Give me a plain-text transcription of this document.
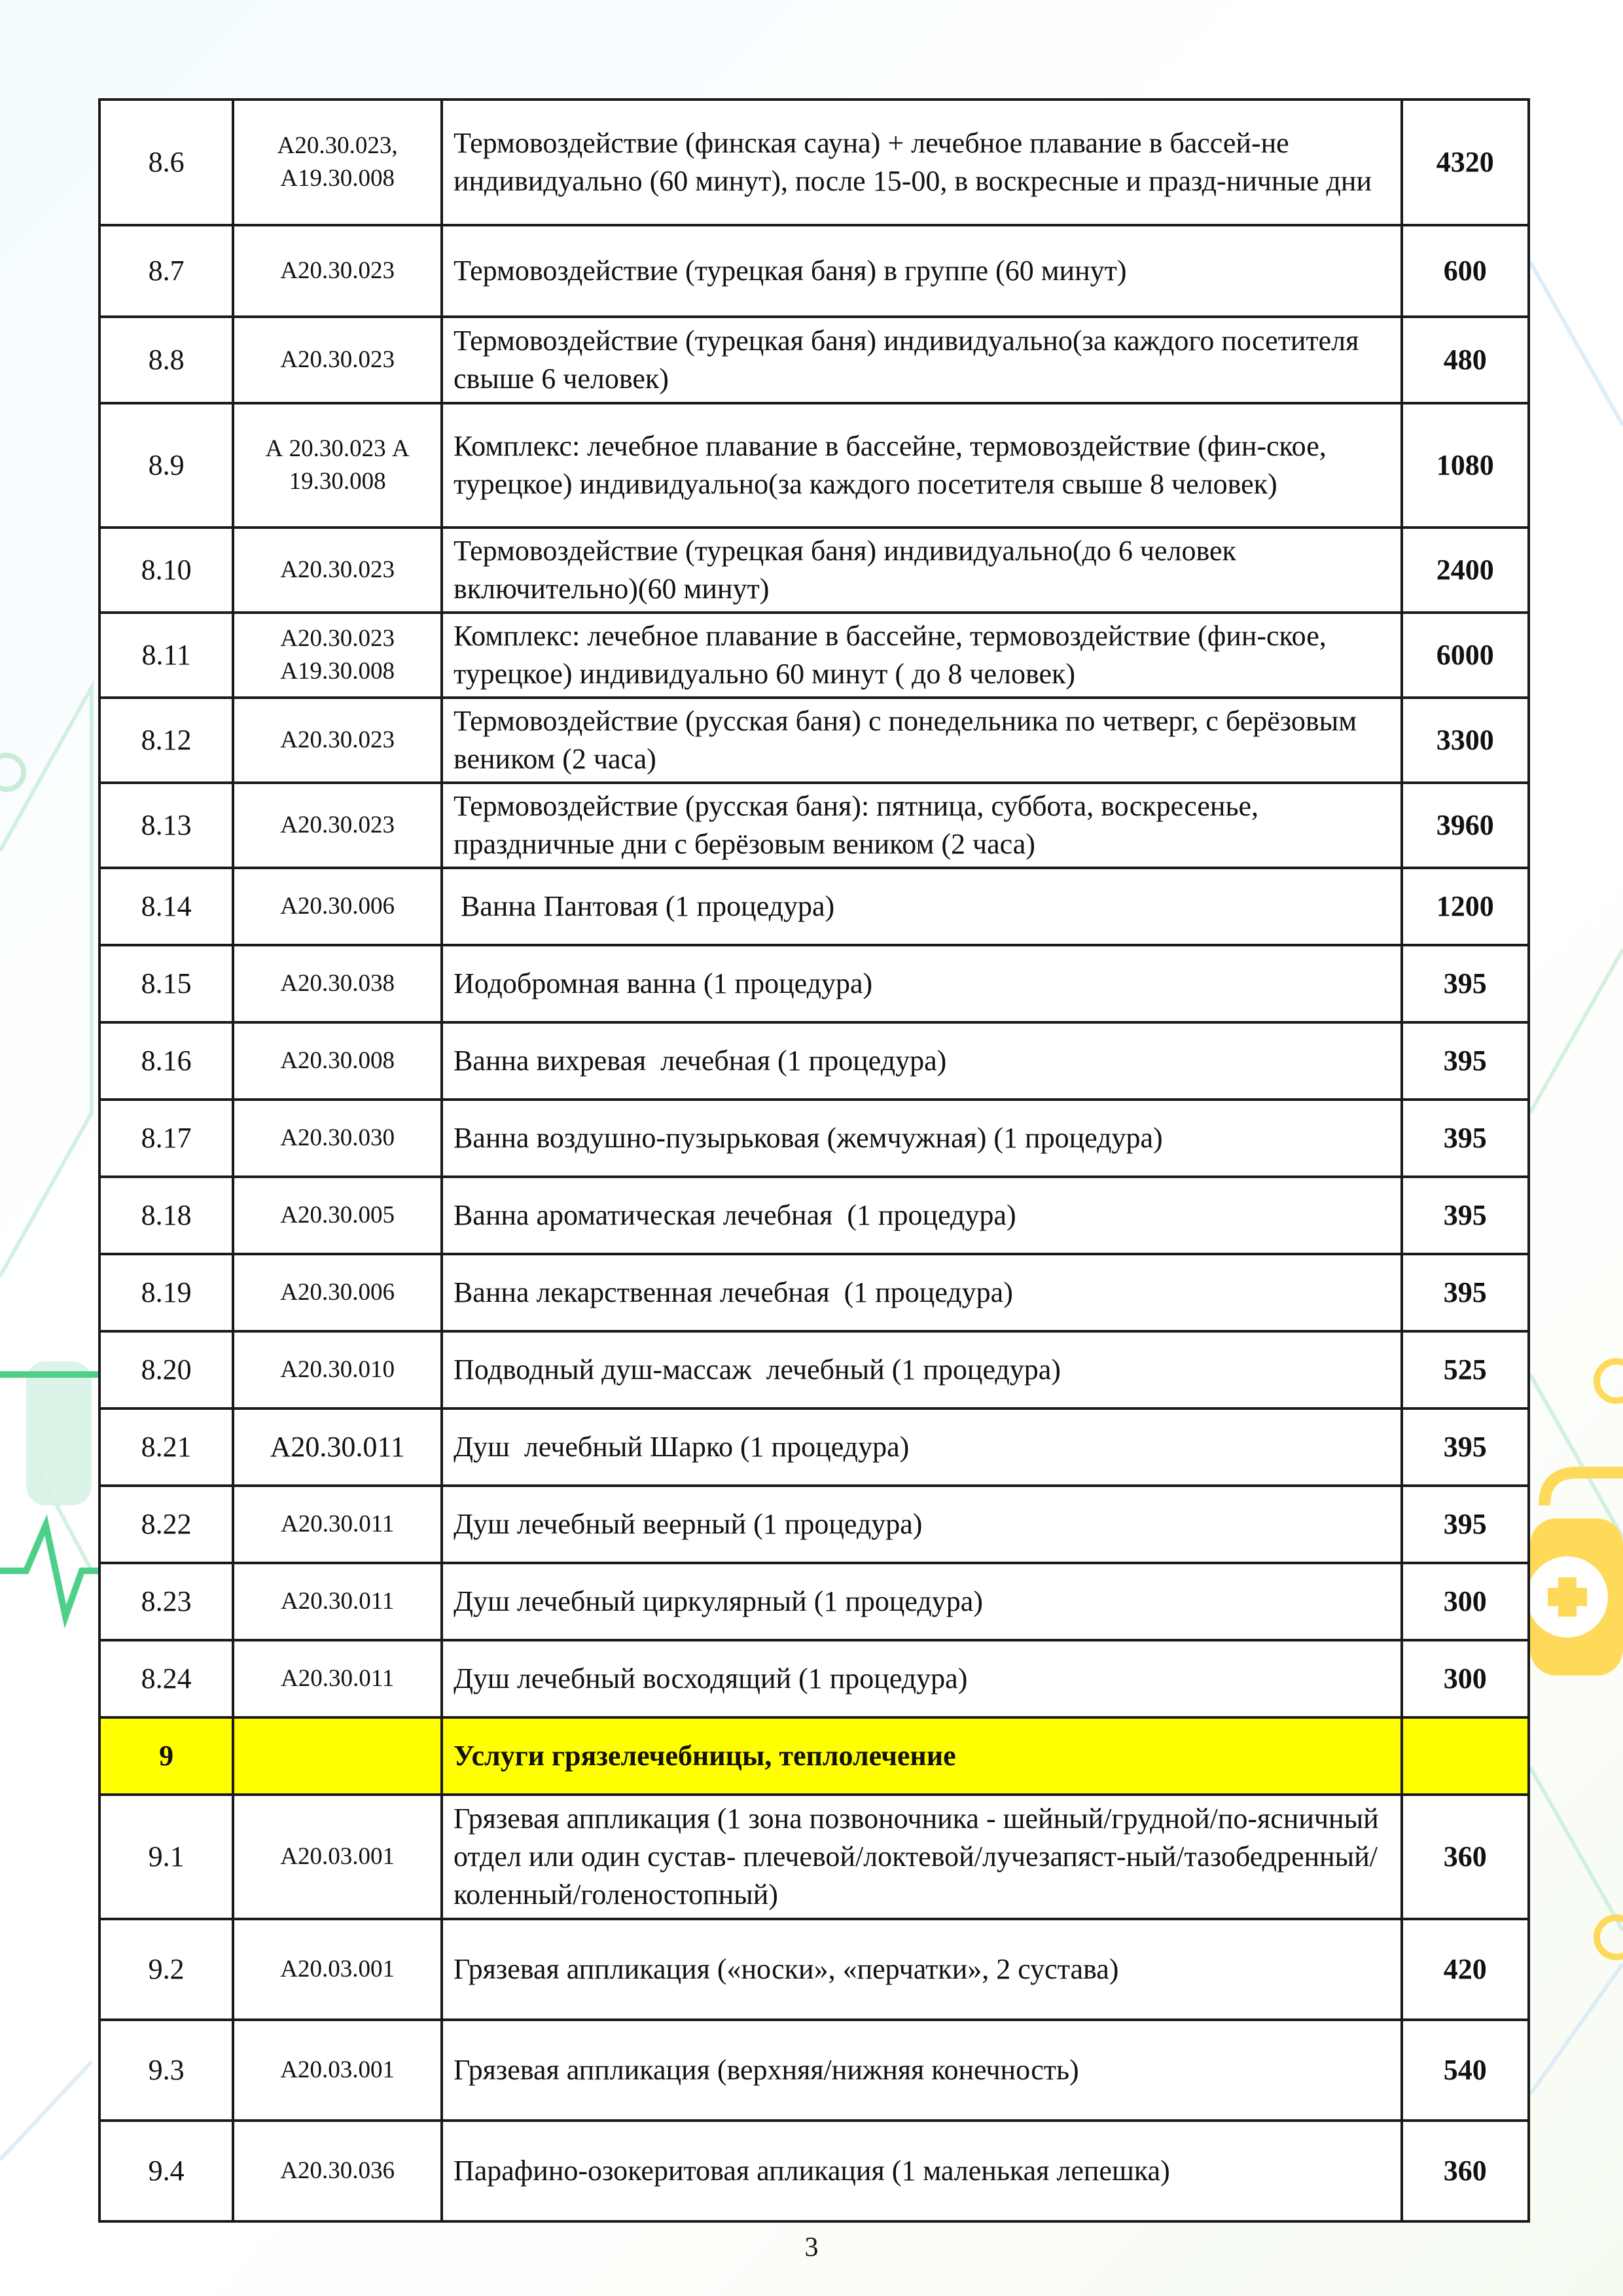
8.6	A20.30.023, A19.30.008	Термовоздействие (финская сауна) + лечебное плавание в бассей-не индивидуально (60 минут), после 15-00, в воскресные и празд-ничные дни	4320
8.7	A20.30.023	Термовоздействие (турецкая баня) в группе (60 минут)	600
8.8	A20.30.023	Термовоздействие (турецкая баня) индивидуально(за каждого посетителя свыше 6 человек)	480
8.9	А 20.30.023 А 19.30.008	Комплекс: лечебное плавание в бассейне, термовоздействие (фин-ское, турецкое) индивидуально(за каждого посетителя свыше 8 человек)	1080
8.10	A20.30.023	Термовоздействие (турецкая баня) индивидуально(до 6 человек включительно)(60 минут)	2400
8.11	A20.30.023 A19.30.008	Комплекс: лечебное плавание в бассейне, термовоздействие (фин-ское, турецкое) индивидуально 60 минут ( до 8 человек)	6000
8.12	A20.30.023	Термовоздействие (русская баня) с понедельника по четверг, с берёзовым веником (2 часа)	3300
8.13	A20.30.023	Термовоздействие (русская баня): пятница, суббота, воскресенье, праздничные дни с берёзовым веником (2 часа)	3960
8.14	A20.30.006	Ванна Пантовая (1 процедура)	1200
8.15	A20.30.038	Иодобромная ванна (1 процедура)	395
8.16	A20.30.008	Ванна вихревая  лечебная (1 процедура)	395
8.17	A20.30.030	Ванна воздушно-пузырьковая (жемчужная) (1 процедура)	395
8.18	A20.30.005	Ванна ароматическая лечебная  (1 процедура)	395
8.19	A20.30.006	Ванна лекарственная лечебная  (1 процедура)	395
8.20	A20.30.010	Подводный душ-массаж  лечебный (1 процедура)	525
8.21	A20.30.011	Душ  лечебный Шарко (1 процедура)	395
8.22	A20.30.011	Душ лечебный веерный (1 процедура)	395
8.23	A20.30.011	Душ лечебный циркулярный (1 процедура)	300
8.24	A20.30.011	Душ лечебный восходящий (1 процедура)	300
9		Услуги грязелечебницы, теплолечение	
9.1	A20.03.001	Грязевая аппликация (1 зона позвоночника - шейный/грудной/по-ясничный отдел или один сустав- плечевой/локтевой/лучезапяст-ный/тазобедренный/коленный/голеностопный)	360
9.2	A20.03.001	Грязевая аппликация («носки», «перчатки», 2 сустава)	420
9.3	A20.03.001	Грязевая аппликация (верхняя/нижняя конечность)	540
9.4	A20.30.036	Парафино-озокеритовая апликация (1 маленькая лепешка)	360
3
